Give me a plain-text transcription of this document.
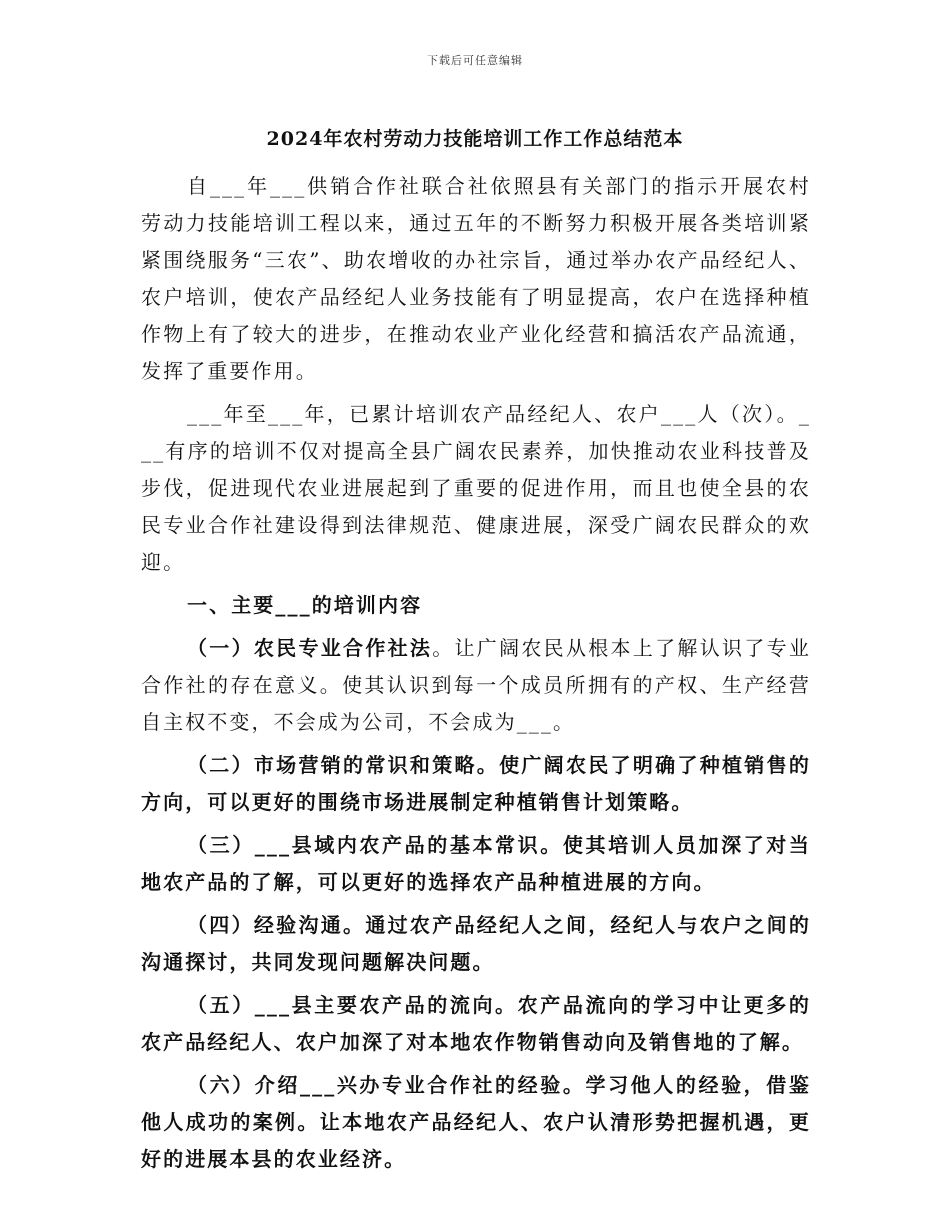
下载后可任意编辑
2024年农村劳动力技能培训工作工作总结范本

自___年___供销合作社联合社依照县有关部门的指示开展农村劳动力技能培训工程以来，通过五年的不断努力积极开展各类培训紧紧围绕服务“三农”、助农增收的办社宗旨，通过举办农产品经纪人、农户培训，使农产品经纪人业务技能有了明显提高，农户在选择种植作物上有了较大的进步，在推动农业产业化经营和搞活农产品流通，发挥了重要作用。

___年至___年，已累计培训农产品经纪人、农户___人（次）。___有序的培训不仅对提高全县广阔农民素养，加快推动农业科技普及步伐，促进现代农业进展起到了重要的促进作用，而且也使全县的农民专业合作社建设得到法律规范、健康进展，深受广阔农民群众的欢迎。

一、主要___的培训内容

（一）农民专业合作社法。让广阔农民从根本上了解认识了专业合作社的存在意义。使其认识到每一个成员所拥有的产权、生产经营自主权不变，不会成为公司，不会成为___。

（二）市场营销的常识和策略。使广阔农民了明确了种植销售的方向，可以更好的围绕市场进展制定种植销售计划策略。

（三）___县域内农产品的基本常识。使其培训人员加深了对当地农产品的了解，可以更好的选择农产品种植进展的方向。

（四）经验沟通。通过农产品经纪人之间，经纪人与农户之间的沟通探讨，共同发现问题解决问题。

（五）___县主要农产品的流向。农产品流向的学习中让更多的农产品经纪人、农户加深了对本地农作物销售动向及销售地的了解。

（六）介绍___兴办专业合作社的经验。学习他人的经验，借鉴他人成功的案例。让本地农产品经纪人、农户认清形势把握机遇，更好的进展本县的农业经济。
